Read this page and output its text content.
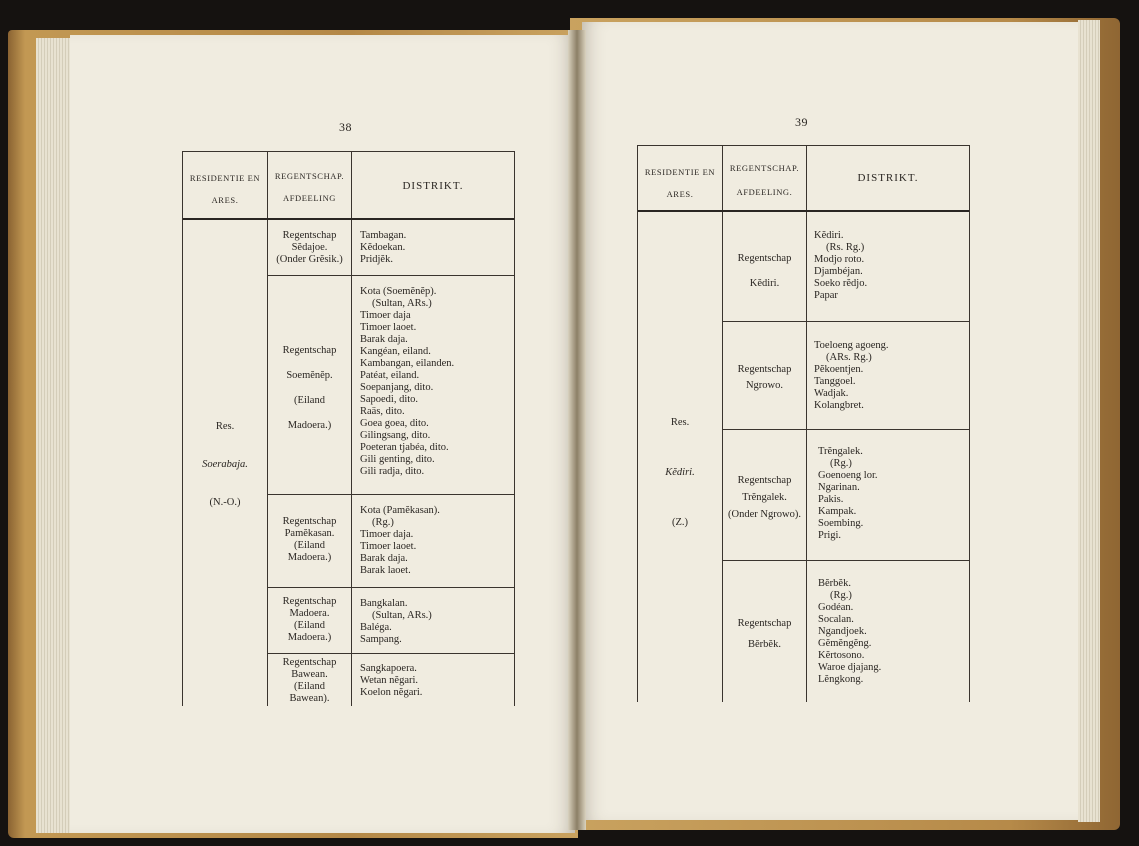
38
RESIDENTIE EN
ARES.
REGENTSCHAP.
AFDEELING
DISTRIKT.
Res.
Soerabaja.
(N.-O.)
Regentschap
Sĕdajoe.
(Onder Grĕsik.)
Tambagan.
Kĕdoekan.
Pridjĕk.
Regentschap
Soemĕnĕp.
(Eiland
Madoera.)
Kota (Soemĕnĕp).
(Sultan, ARs.)
Timoer daja
Timoer laoet.
Barak daja.
Kangéan, eiland.
Kambangan, eilanden.
Patéat, eiland.
Soepanjang, dito.
Sapoedi, dito.
Raäs, dito.
Goea goea, dito.
Gilingsang, dito.
Poeteran tjabéa, dito.
Gili genting, dito.
Gili radja, dito.
Regentschap
Pamĕkasan.
(Eiland
Madoera.)
Kota (Pamĕkasan).
(Rg.)
Timoer daja.
Timoer laoet.
Barak daja.
Barak laoet.
Regentschap
Madoera.
(Eiland
Madoera.)
Bangkalan.
(Sultan, ARs.)
Baléga.
Sampang.
Regentschap
Bawean.
(Eiland
Bawean).
Sangkapoera.
Wetan nĕgari.
Koelon nĕgari.
39
RESIDENTIE EN
ARES.
REGENTSCHAP.
AFDEELING.
DISTRIKT.
Res.
Kĕdiri.
(Z.)
Regentschap
Kĕdiri.
Kĕdiri.
(Rs. Rg.)
Modjo roto.
Djambéjan.
Soeko rĕdjo.
Papar
Regentschap
Ngrowo.
Toeloeng agoeng.
(ARs. Rg.)
Pĕkoentjen.
Tanggoel.
Wadjak.
Kolangbret.
Regentschap
Trĕngalek.
(Onder Ngrowo).
Trĕngalek.
(Rg.)
Goenoeng lor.
Ngarinan.
Pakis.
Kampak.
Soembing.
Prigi.
Regentschap
Bĕrbĕk.
Bĕrbĕk.
(Rg.)
Godéan.
Socalan.
Ngandjoek.
Gĕmĕngĕng.
Kĕrtosono.
Waroe djajang.
Lĕngkong.
